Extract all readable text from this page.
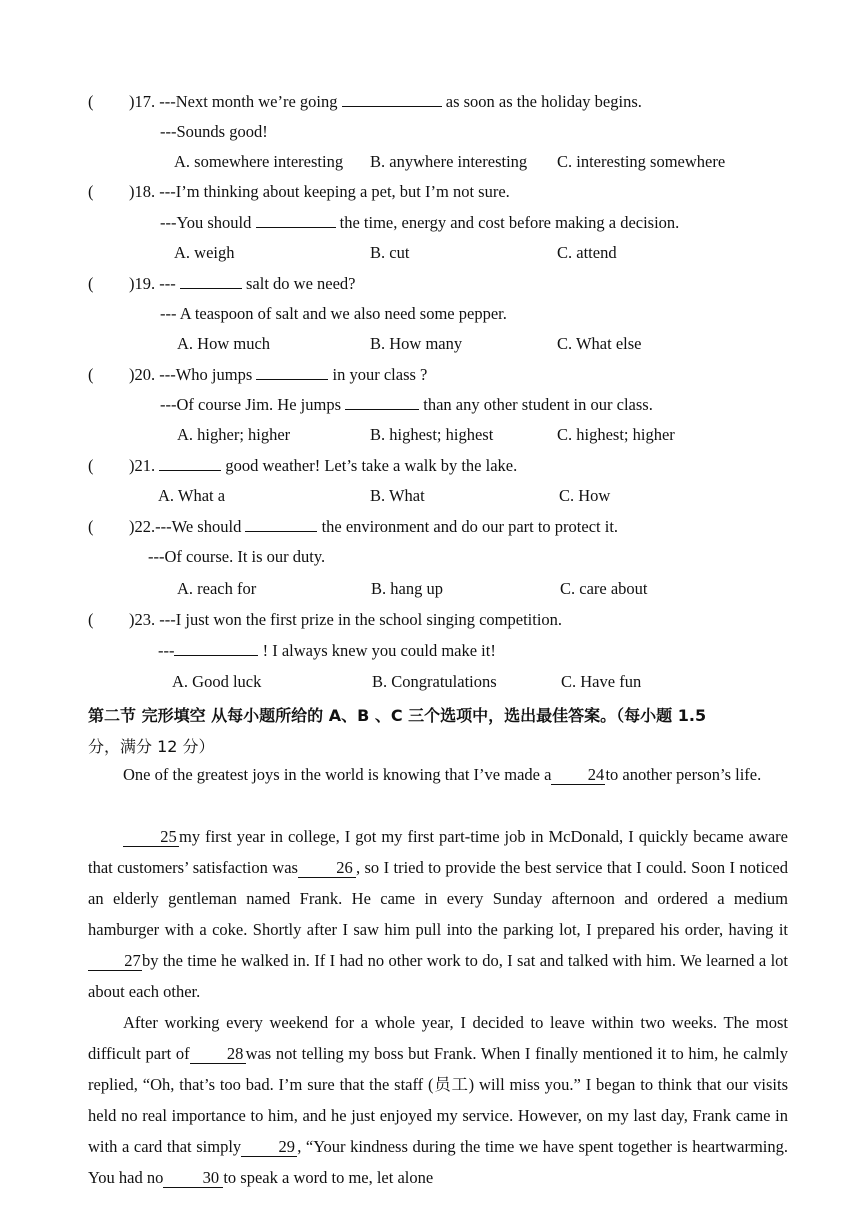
( )17. ---Next month we’re going	as soon as the holiday begins.
---Sounds good!
A. somewhere interesting B. anywhere interesting C. interesting somewhere
( )18. ---I’m thinking about keeping a pet, but I’m not sure.
---You should	the time, energy and cost before making a decision.
A. weigh	B. cut	C. attend
( )19. ---	salt do we need?
--- A teaspoon of salt and we also need some pepper.
A. How much	B. How many	C. What else
( )20. ---Who jumps	in your class ?
---Of course Jim. He jumps	than any other student in our class.
A. higher; higher	B. highest; highest	C. highest; higher
( )21.	good weather! Let’s take a walk by the lake.
A. What a	B. What	C. How
( )22.---We should	the environment and do our part to protect it.
---Of course. It is our duty.
A. reach for	B. hang up	C. care about
( )23. ---I just won the first prize in the school singing competition.
---	! I always knew you could make it!
A. Good luck	B. Congratulations	C. Have fun
第二节 完形填空 从每小题所给的 A、B 、C 三个选项中，选出最佳答案。（每小题 1.5
分，满分 12 分）
One of the greatest joys in the world is knowing that I’ve made a 24to another person’s life.
25 my first year in college, I got my first part-time job in McDonald, I quickly became aware that customers’ satisfaction was 26 , so I tried to provide the best service that I could. Soon I noticed an elderly gentleman named Frank. He came in every Sunday afternoon and ordered a medium hamburger with a coke. Shortly after I saw him pull into the parking lot, I prepared his order, having it27by the time he walked in. If I had no other work to do, I sat and talked with him. We learned a lot about each other.
After working every weekend for a whole year, I decided to leave within two weeks. The most difficult part of 28 was not telling my boss but Frank. When I finally mentioned it to him, he calmly replied, “Oh, that’s too bad. I’m sure that the staff (员工) will miss you.” I began to think that our visits held no real importance to him, and he just enjoyed my service. However, on my last day, Frank came in with a card that simply 29 , “Your kindness during the time we have spent together is heartwarming. You had no 30 to speak a word to me, let alone
